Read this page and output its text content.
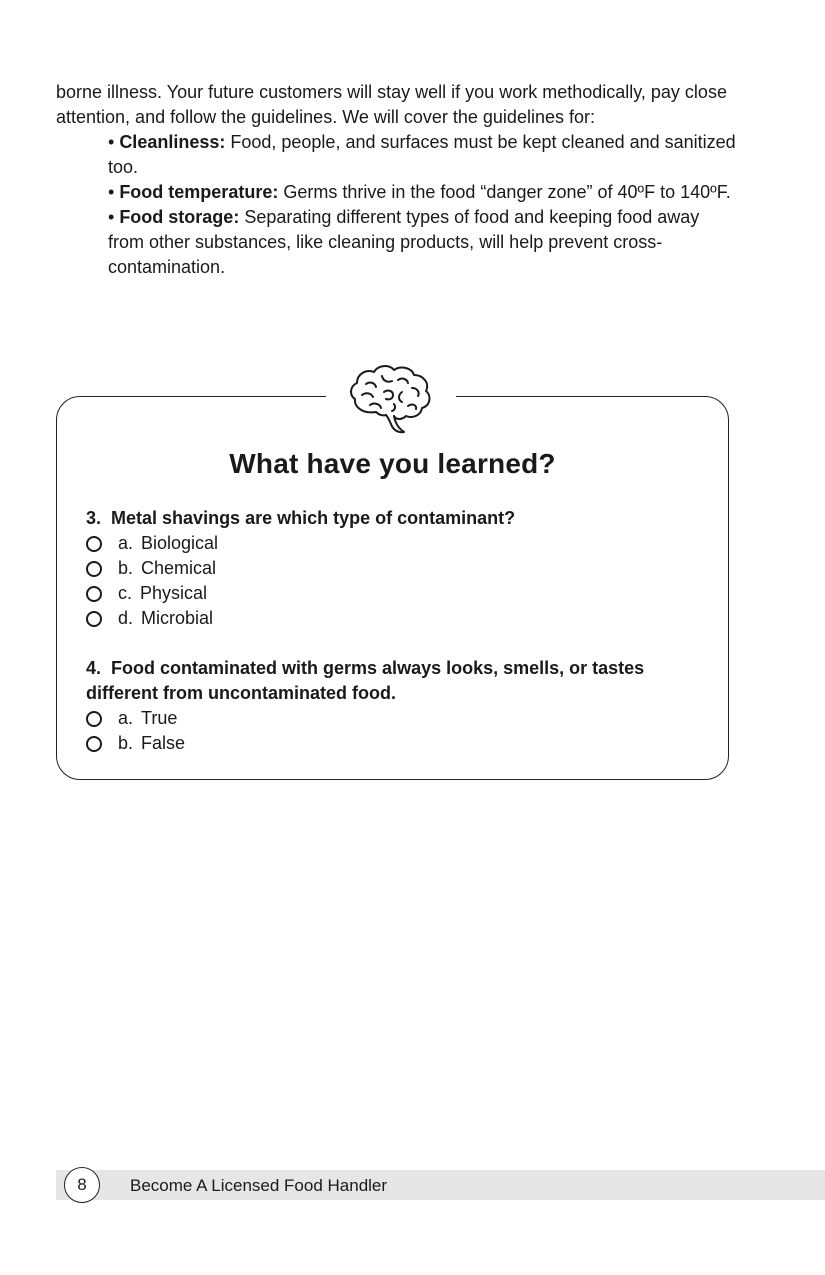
borne illness. Your future customers will stay well if you work methodically, pay close attention, and follow the guidelines. We will cover the guidelines for:

• Cleanliness: Food, people, and surfaces must be kept cleaned and sanitized too.
• Food temperature: Germs thrive in the food “danger zone” of 40ºF to 140ºF.
• Food storage: Separating different types of food and keeping food away from other substances, like cleaning products, will help prevent cross-contamination.
What have you learned?

3. Metal shavings are which type of contaminant?

a. Biological
b. Chemical
c. Physical
d. Microbial

4. Food contaminated with germs always looks, smells, or tastes different from uncontaminated food.

a. True
b. False
8	Become A Licensed Food Handler
